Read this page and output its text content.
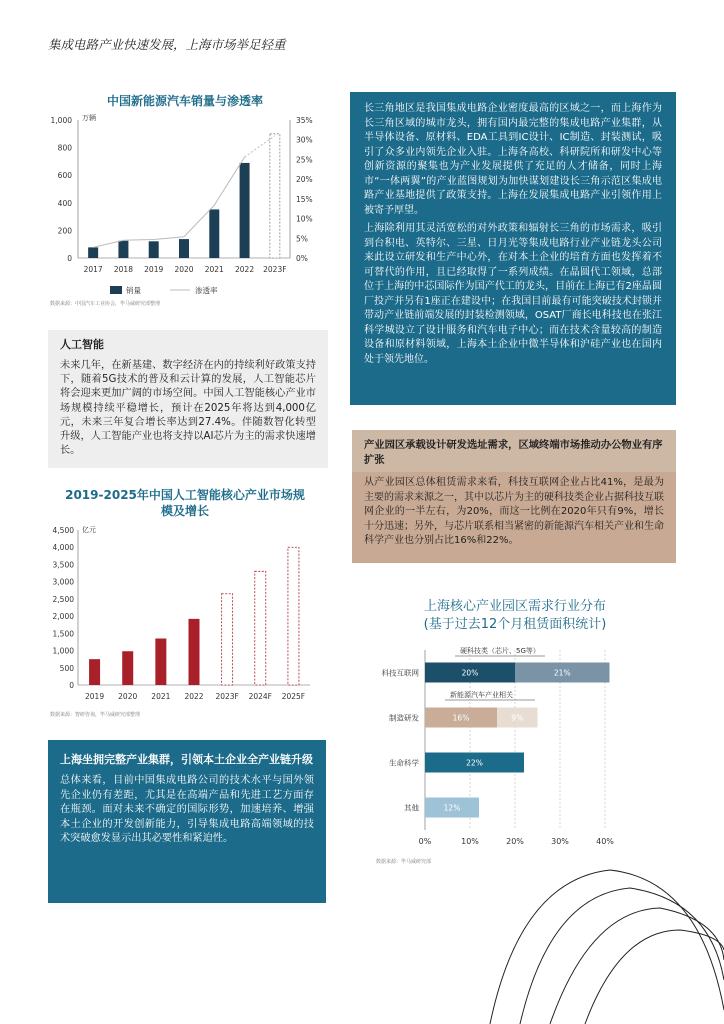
集成电路产业快速发展，上海市场举足轻重
中国新能源汽车销量与渗透率
万辆
0
200
400
600
800
1,000
0%
5%
10%
15%
20%
25%
30%
35%
2017 2018 2019 2020 2021 2022 2023F
销量	渗透率
数据来源：中国汽车工业协会，毕马威研究部整理
人工智能

未来几年，在新基建、数字经济在内的持续利好政策支持下，随着5G技术的普及和云计算的发展，人工智能芯片将会迎来更加广阔的市场空间。中国人工智能核心产业市场规模持续平稳增长，预计在2025年将达到4,000亿元，未来三年复合增长率达到27.4%。伴随数智化转型升级，人工智能产业也将支持以AI芯片为主的需求快速增长。

2019-2025年中国人工智能核心产业市场规模及增长
亿元
0
500
1,000
1,500
2,000
2,500
3,000
3,500
4,000
4,500
2019 2020 2021 2022 2023F 2024F 2025F
数据来源：智研咨询，毕马威研究部整理
上海坐拥完整产业集群，引领本土企业全产业链升级

总体来看，目前中国集成电路公司的技术水平与国外领先企业仍有差距，尤其是在高端产品和先进工艺方面存在瓶颈。面对未来不确定的国际形势，加速培养、增强本土企业的开发创新能力，引导集成电路高端领域的技术突破愈发显示出其必要性和紧迫性。

长三角地区是我国集成电路企业密度最高的区域之一，而上海作为长三角区域的城市龙头，拥有国内最完整的集成电路产业集群，从半导体设备、原材料、EDA工具到IC设计、IC制造、封装测试，吸引了众多业内领先企业入驻。上海各高校、科研院所和研发中心等创新资源的聚集也为产业发展提供了充足的人才储备，同时上海市“一体两翼”的产业蓝图规划为加快谋划建设长三角示范区集成电路产业基地提供了政策支持。上海在发展集成电路产业引领作用上被寄予厚望。

上海除利用其灵活宽松的对外政策和辐射长三角的市场需求，吸引到台积电、英特尔、三星、日月光等集成电路行业产业链龙头公司来此设立研发和生产中心外，在对本土企业的培育方面也发挥着不可替代的作用，且已经取得了一系列成绩。在晶圆代工领域，总部位于上海的中芯国际作为国产代工的龙头，目前在上海已有2座晶圆厂投产并另有1座正在建设中；在我国目前最有可能突破技术封锁并带动产业链前端发展的封装检测领域，OSAT厂商长电科技也在张江科学城设立了设计服务和汽车电子中心；而在技术含量较高的制造设备和原材料领域，上海本土企业中微半导体和沪硅产业也在国内处于领先地位。

产业园区承载设计研发选址需求，区域终端市场推动办公物业有序扩张

从产业园区总体租赁需求来看，科技互联网企业占比41%，是最为主要的需求来源之一，其中以芯片为主的硬科技类企业占据科技互联网企业的一半左右，为20%，而这一比例在2020年只有9%，增长十分迅速；另外，与芯片联系相当紧密的新能源汽车相关产业和生命科学产业也分别占比16%和22%。

上海核心产业园区需求行业分布
(基于过去12个月租赁面积统计)
0%	10%	20%	30%	40%
科技互联网	20%	21%
制造研发	16%	9%
生命科学	22%
其他	12%
硬科技类（芯片、5G等）
新能源汽车产业相关
数据来源：毕马威研究部
